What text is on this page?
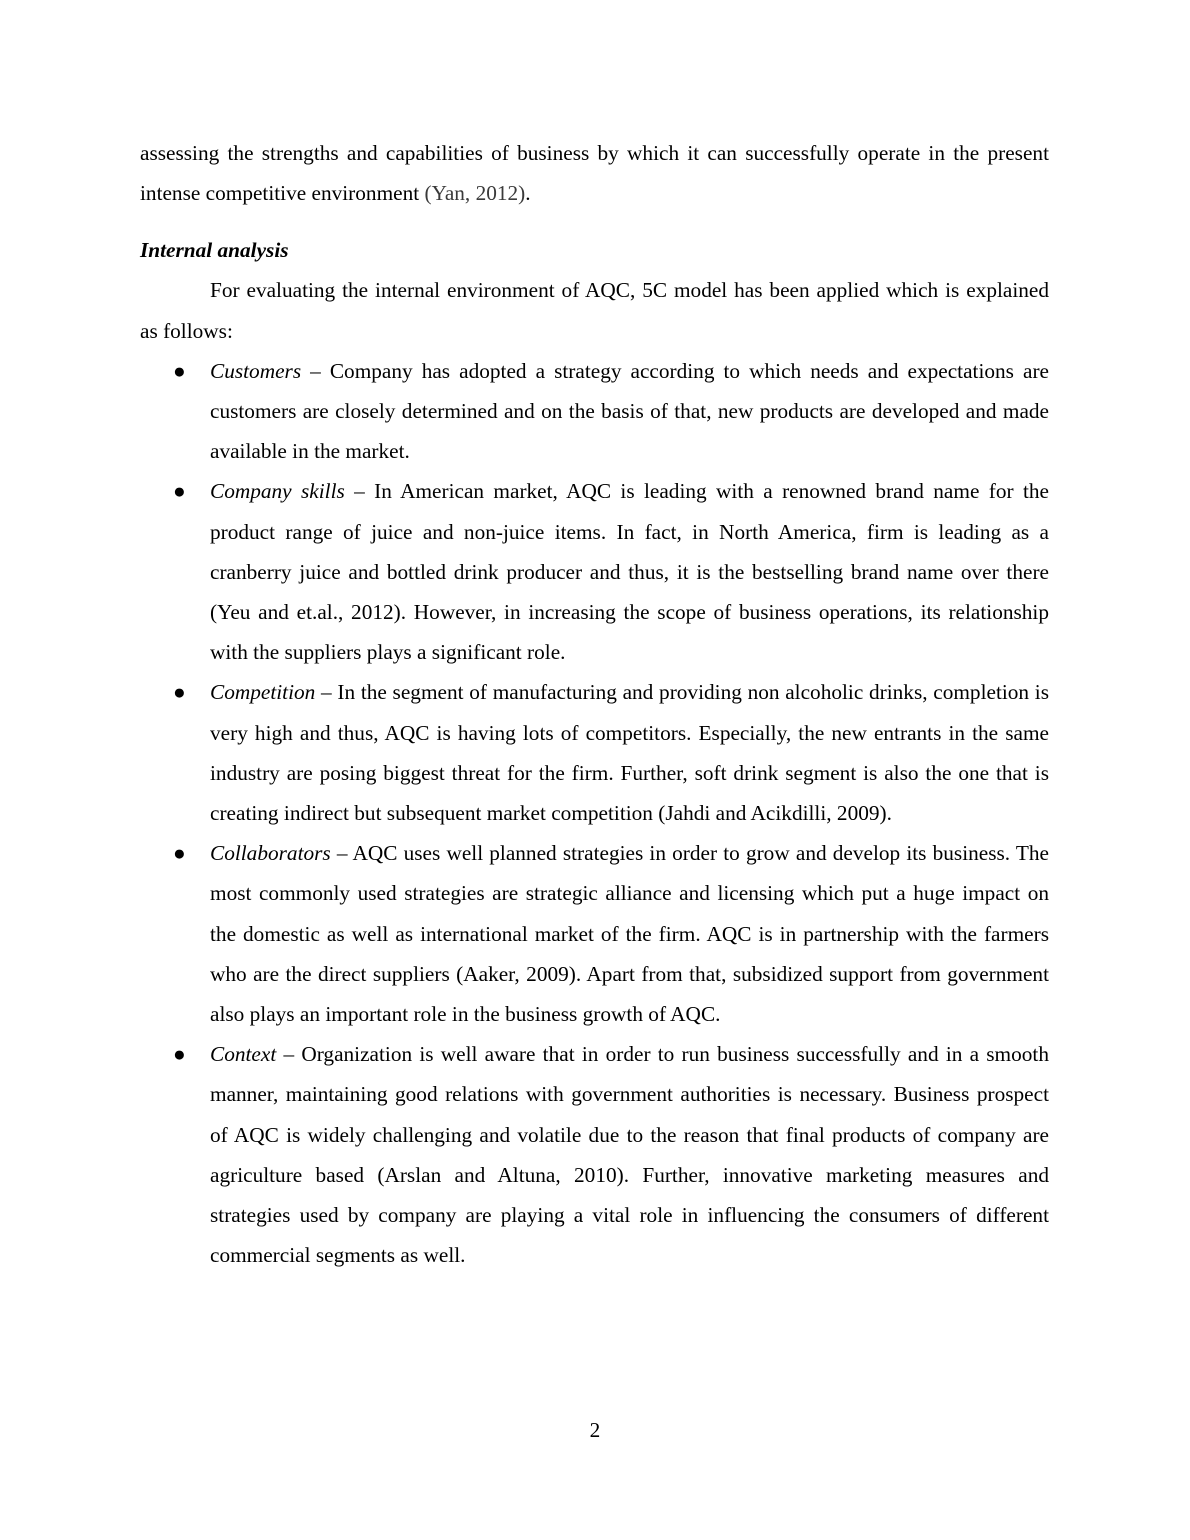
assessing the strengths and capabilities of business by which it can successfully operate in the present intense competitive environment (Yan, 2012).

Internal analysis

For evaluating the internal environment of AQC, 5C model has been applied which is explained as follows:

● Customers – Company has adopted a strategy according to which needs and expectations are customers are closely determined and on the basis of that, new products are developed and made available in the market.
● Company skills – In American market, AQC is leading with a renowned brand name for the product range of juice and non-juice items. In fact, in North America, firm is leading as a cranberry juice and bottled drink producer and thus, it is the bestselling brand name over there (Yeu and et.al., 2012). However, in increasing the scope of business operations, its relationship with the suppliers plays a significant role.
● Competition – In the segment of manufacturing and providing non alcoholic drinks, completion is very high and thus, AQC is having lots of competitors. Especially, the new entrants in the same industry are posing biggest threat for the firm. Further, soft drink segment is also the one that is creating indirect but subsequent market competition (Jahdi and Acikdilli, 2009).
● Collaborators – AQC uses well planned strategies in order to grow and develop its business. The most commonly used strategies are strategic alliance and licensing which put a huge impact on the domestic as well as international market of the firm. AQC is in partnership with the farmers who are the direct suppliers (Aaker, 2009). Apart from that, subsidized support from government also plays an important role in the business growth of AQC.
● Context – Organization is well aware that in order to run business successfully and in a smooth manner, maintaining good relations with government authorities is necessary. Business prospect of AQC is widely challenging and volatile due to the reason that final products of company are agriculture based (Arslan and Altuna, 2010). Further, innovative marketing measures and strategies used by company are playing a vital role in influencing the consumers of different commercial segments as well.
2
